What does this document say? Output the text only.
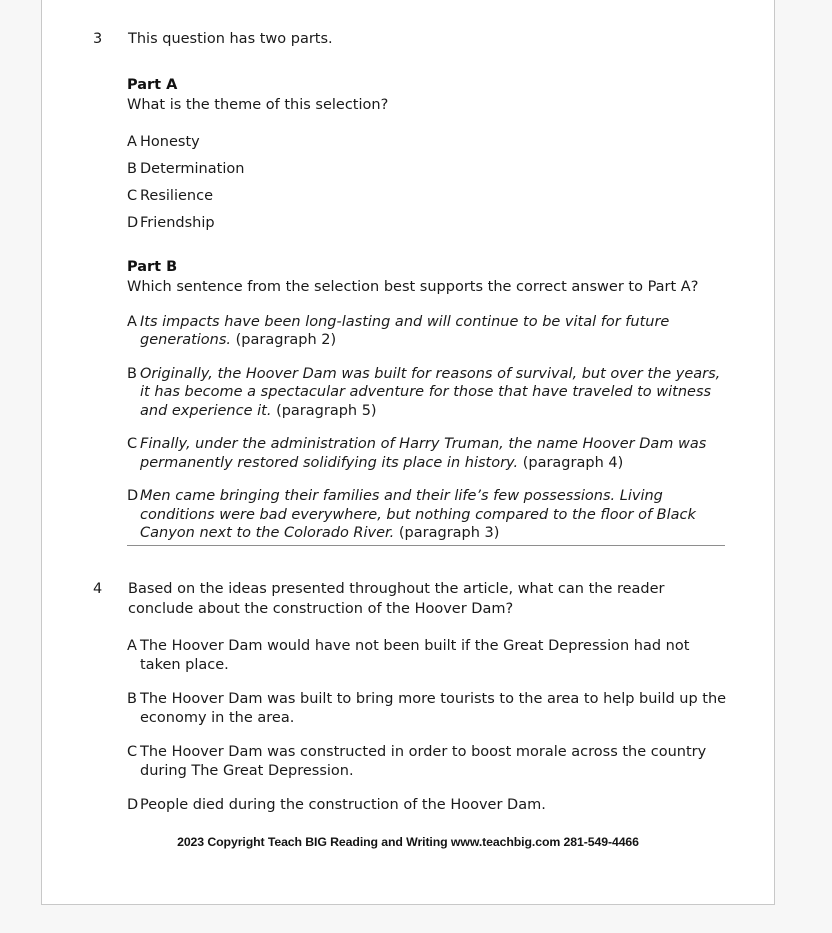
3	This question has two parts.
Part A
What is the theme of this selection?
A Honesty
B Determination
C Resilience
D Friendship
Part B
Which sentence from the selection best supports the correct answer to Part A?
A Its impacts have been long-lasting and will continue to be vital for future generations. (paragraph 2)
B Originally, the Hoover Dam was built for reasons of survival, but over the years, it has become a spectacular adventure for those that have traveled to witness and experience it. (paragraph 5)
C Finally, under the administration of Harry Truman, the name Hoover Dam was permanently restored solidifying its place in history. (paragraph 4)
D Men came bringing their families and their life’s few possessions. Living conditions were bad everywhere, but nothing compared to the floor of Black Canyon next to the Colorado River. (paragraph 3)
4	Based on the ideas presented throughout the article, what can the reader conclude about the construction of the Hoover Dam?
A The Hoover Dam would have not been built if the Great Depression had not taken place.
B The Hoover Dam was built to bring more tourists to the area to help build up the economy in the area.
C The Hoover Dam was constructed in order to boost morale across the country during The Great Depression.
D People died during the construction of the Hoover Dam.
2023 Copyright Teach BIG Reading and Writing www.teachbig.com 281-549-4466
